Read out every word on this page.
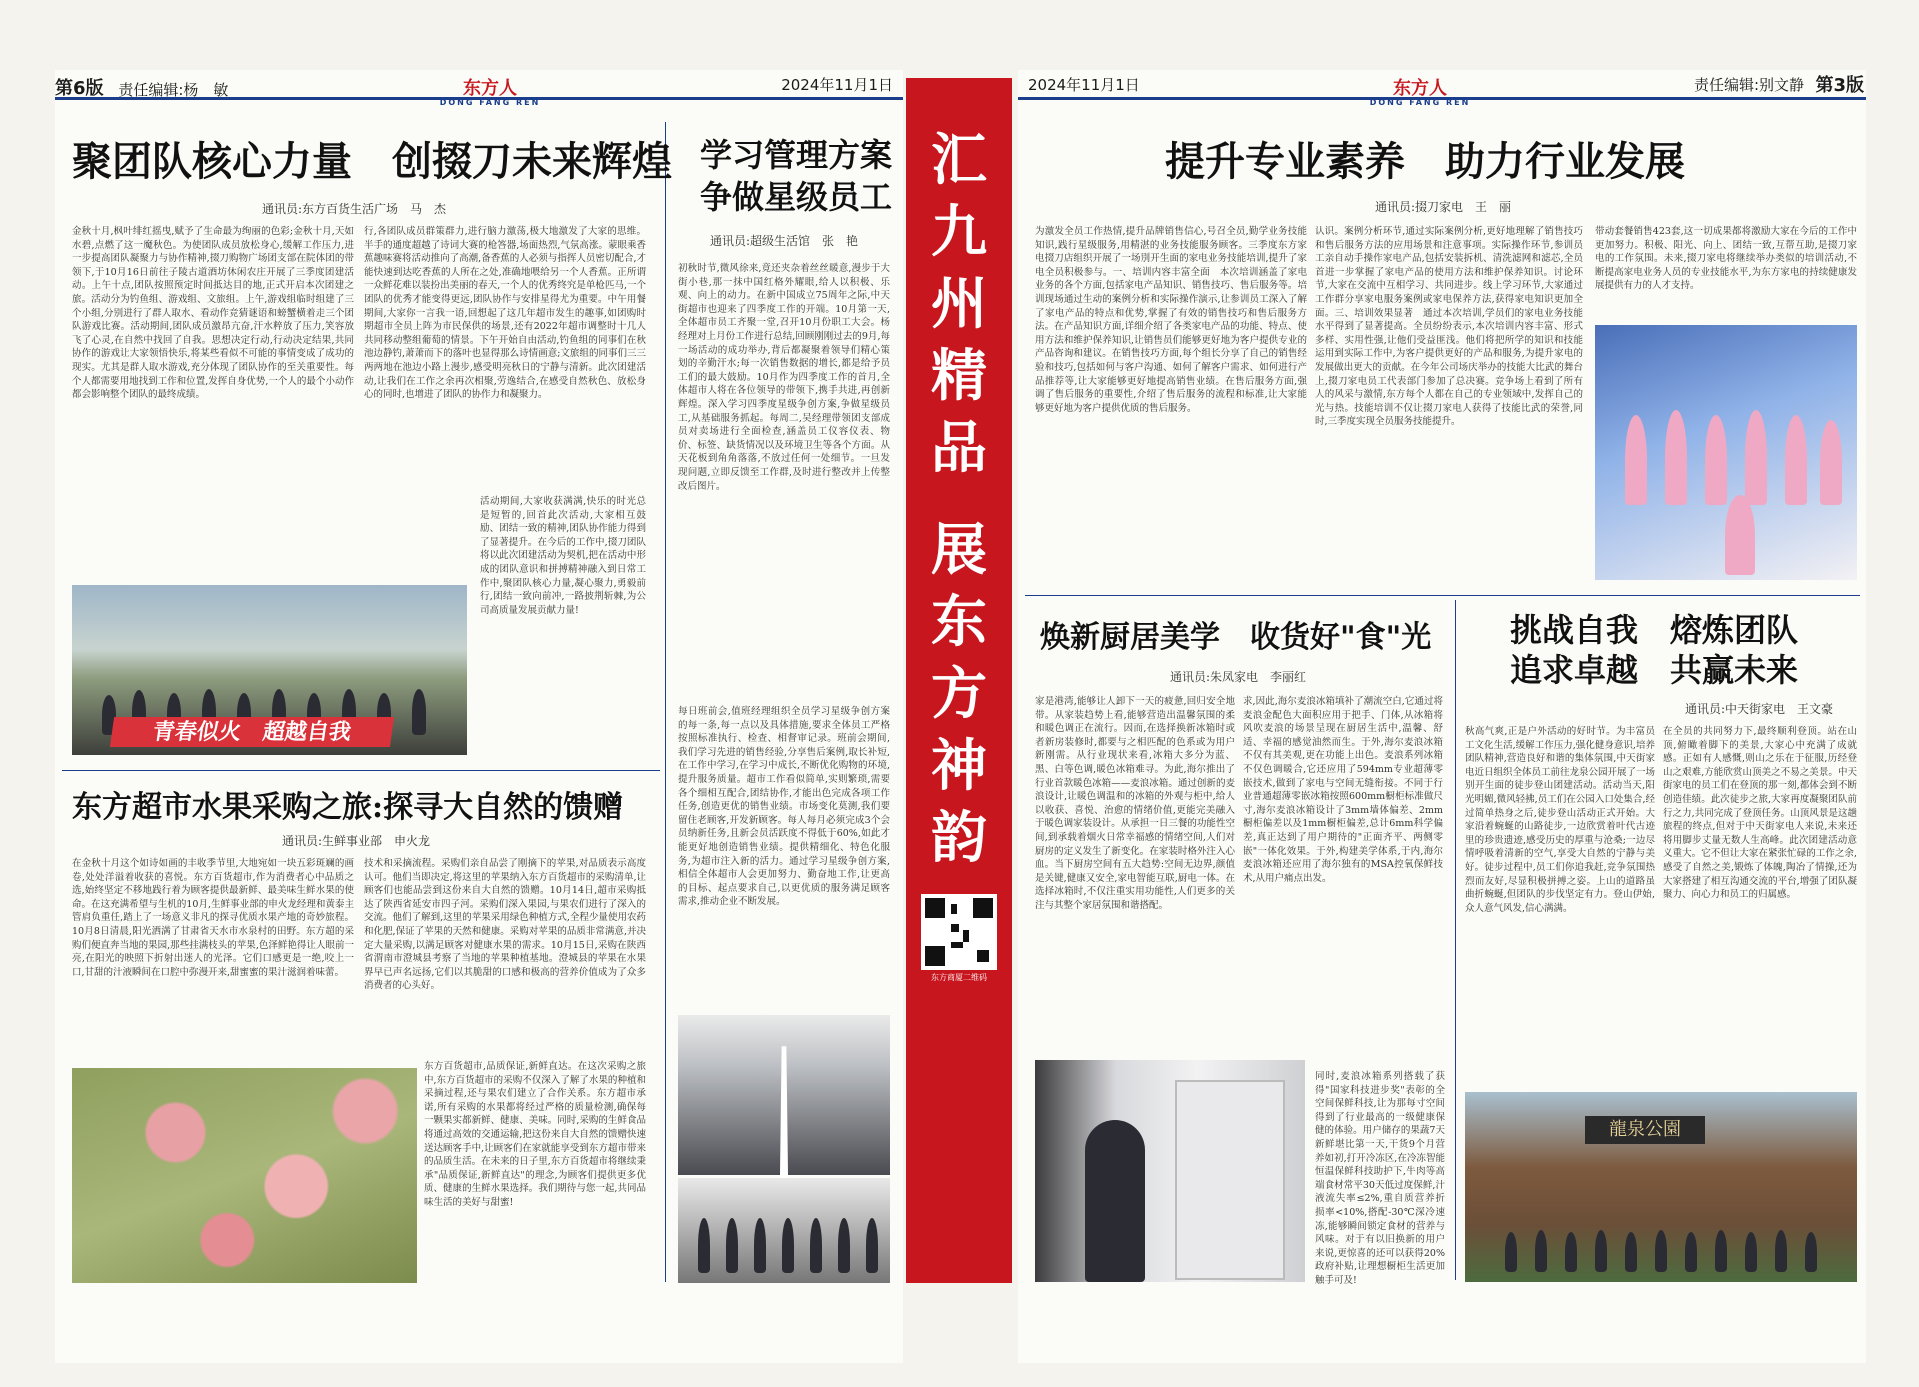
第6版 责任编辑:杨　敏	2024年11月1日
东方人
DONG FANG REN
2024年11月1日	责任编辑:别文静 第3版
东方人
DONG FANG REN
汇九州精品
展东方神韵
东方商厦二维码
聚团队核心力量　创掇刀未来辉煌
通讯员:东方百货生活广场　马　杰
金秋十月,枫叶绯红摇曳,赋予了生命最为绚丽的色彩;金秋十月,天如水碧,点燃了这一魔秋色。为使团队成员放松身心,缓解工作压力,进一步提高团队凝聚力与协作精神,掇刀购物广场团支部在院体团的带领下,于10月16日前往子陵古道酒坊休闲农庄开展了三季度团建活动。上午十点,团队按照预定时间抵达目的地,正式开启本次团建之旅。活动分为钓鱼组、游戏组、文旅组。上午,游戏组临时组建了三个小组,分别进行了群人取水、看动作竞猜谜语和螃蟹横着走三个团队游戏比赛。活动期间,团队成员激昂亢奋,汗水粹放了压力,笑容放飞了心灵,在自然中找回了自我。思想决定行动,行动决定结果,共同协作的游戏让大家领悟快乐,将某些看似不可能的事情变成了成功的现实。尤其是群人取水游戏,充分体现了团队协作的至关重要性。每个人都需要用地找到工作和位置,发挥自身优势,一个人的最个小动作都会影响整个团队的最终成绩。
行,各团队成员群策群力,进行脑力激荡,极大地激发了大家的思维。半手的通度超越了诗词大赛的枪答器,场面热烈,气氛高涨。蒙眼乘香蕉趣味赛将活动推向了高潮,备香蕉的人必须与指挥人员密切配合,才能快速到达吃香蕉的人所在之处,准确地喂给另一个人香蕉。正所谓一众鲜花难以装扮出美丽的春天,一个人的优秀终究是单枪匹马,一个团队的优秀才能变得更远,团队协作与安排星得尤为重要。中午用餐期间,大家你一言我一语,回想起了这几年超市发生的趣事,如团购时期超市全员上阵为市民保供的场景,还有2022年超市调整时十几人共同移动整组葡萄的情景。下午开始自由活动,钓鱼组的同事们在秋池边静钓,萧萧而下的落叶也显得那么诗情画意;文旅组的同事们三三两两地在池边小路上漫步,感受明亮秋日的宁静与清新。此次团建活动,让我们在工作之余再次相聚,劳逸结合,在感受自然秋色、放松身心的同时,也增进了团队的协作力和凝聚力。
活动期间,大家收获满满,快乐的时光总是短暂的,回首此次活动,大家相互鼓励、团结一致的精神,团队协作能力得到了显著提升。在今后的工作中,掇刀团队将以此次团建活动为契机,把在活动中形成的团队意识和拼搏精神融入到日常工作中,聚团队核心力量,凝心聚力,勇毅前行,团结一致向前冲,一路披荆斩棘,为公司高质量发展贡献力量!
青春似火　超越自我
东方超市水果采购之旅:探寻大自然的馈赠
通讯员:生鲜事业部　申火龙
在金秋十月这个如诗如画的丰收季节里,大地宛如一块五彩斑斓的画卷,处处洋溢着收获的喜悦。东方百货超市,作为消费者心中品质之选,始终坚定不移地践行着为顾客提供最新鲜、最美味生鲜水果的使命。在这充满希望与生机的10月,生鲜事业部的申火龙经理和黄泰主管肩负重任,踏上了一场意义非凡的探寻优质水果产地的奇妙旅程。10月8日清晨,阳光洒满了甘肃省天水市水泉村的田野。东方超的采购们便直奔当地的果园,那些挂满枝头的苹果,色泽鲜艳得让人眼前一亮,在阳光的映照下折射出迷人的光泽。它们口感更是一绝,咬上一口,甘甜的汁液瞬间在口腔中弥漫开来,甜蜜蜜的果汁滋润着味蕾。
技术和采摘流程。采购们亲自品尝了刚摘下的苹果,对品质表示高度认可。他们当即决定,将这里的苹果纳入东方百货超市的采购清单,让顾客们也能品尝到这份来自大自然的馈赠。10月14日,超市采购抵达了陕西省延安市四子河。采购们深入果园,与果农们进行了深入的交流。他们了解到,这里的苹果采用绿色种植方式,全程少量使用农药和化肥,保证了苹果的天然和健康。采购对苹果的品质非常满意,并决定大量采购,以满足顾客对健康水果的需求。10月15日,采购在陕西省渭南市澄城县考察了当地的苹果种植基地。澄城县的苹果在水果界早已声名远扬,它们以其脆甜的口感和极高的营养价值成为了众多消费者的心头好。
东方百货超市,品质保证,新鲜直达。在这次采购之旅中,东方百货超市的采购不仅深入了解了水果的种植和采摘过程,还与果农们建立了合作关系。东方超市承诺,所有采购的水果都将经过严格的质量检测,确保每一颗果实都新鲜、健康、美味。同时,采购的生鲜食品将通过高效的交通运输,把这份来自大自然的馈赠快速送达顾客手中,让顾客们在家就能享受到东方超市带来的品质生活。在未来的日子里,东方百货超市将继续秉承"品质保证,新鲜直达"的理念,为顾客们提供更多优质、健康的生鲜水果选择。我们期待与您一起,共同品味生活的美好与甜蜜!
学习管理方案
争做星级员工
通讯员:超级生活馆　张　艳
初秋时节,微风徐来,竟还夹杂着丝丝暖意,漫步于大街小巷,那一抹中国红格外耀眼,给人以积极、乐观、向上的动力。在新中国成立75周年之际,中天街超市也迎来了四季度工作的开端。10月第一天,全体超市员工齐聚一堂,召开10月份职工大会。杨经理对上月份工作进行总结,回顾刚刚过去的9月,每一场活动的成功举办,背后都凝聚着领导们精心策划的辛勤汗水;每一次销售数据的增长,都是给予员工们的最大鼓励。10月作为四季度工作的首月,全体超市人将在各位领导的带领下,携手共进,再创新辉煌。深入学习四季度星级争创方案,争做星级员工,从基础服务抓起。每周二,吴经理带领团支部成员对卖场进行全面检查,涵盖员工仪容仪表、物价、标签、缺货情况以及环境卫生等各个方面。从天花板到角角落落,不放过任何一处细节。一旦发现问题,立即反馈至工作群,及时进行整改并上传整改后图片。
每日班前会,值班经理组织全员学习星级争创方案的每一条,每一点以及具体措施,要求全体员工严格按照标准执行、检查、相督审记录。班前会期间,我们学习先进的销售经验,分享售后案例,取长补短,在工作中学习,在学习中成长,不断优化购物的环境,提升服务质量。超市工作看似简单,实则繁琐,需要各个细相互配合,团结协作,才能出色完成各项工作任务,创造更优的销售业绩。市场变化莫测,我们要留住老顾客,开发新顾客。每人每月必须完成3个会员纳新任务,且新会员活跃度不得低于60%,如此才能更好地创造销售业绩。提供精细化、特色化服务,为超市注入新的活力。通过学习星级争创方案,相信全体超市人会更加努力、勤奋地工作,让更高的目标、起点要求自己,以更优质的服务满足顾客需求,推动企业不断发展。
提升专业素养　助力行业发展
通讯员:掇刀家电　王　丽
为激发全员工作热情,提升品牌销售信心,号召全员,勤学业务技能知识,践行星级服务,用精湛的业务技能服务顾客。三季度东方家电掇刀店组织开展了一场別开生面的家电业务技能培训,提升了家电全员积极参与。一、培训内容丰富全面　本次培训涵盖了家电业务的各个方面,包括家电产品知识、销售技巧、售后服务等。培训现场通过生动的案例分析和实际操作演示,让参训员工深入了解了家电产品的特点和优势,掌握了有效的销售技巧和售后服务方法。在产品知识方面,详细介绍了各类家电产品的功能、特点、使用方法和维护保养知识,让销售员们能够更好地为客户提供专业的产品咨询和建议。在销售技巧方面,每个组长分享了自己的销售经验和技巧,包括如何与客户沟通、如何了解客户需求、如何进行产品推荐等,让大家能够更好地提高销售业绩。在售后服务方面,强调了售后服务的重要性,介绍了售后服务的流程和标准,让大家能够更好地为客户提供优质的售后服务。
认识。案例分析环节,通过实际案例分析,更好地理解了销售技巧和售后服务方法的应用场景和注意事项。实际操作环节,参训员工亲自动手操作家电产品,包括安装拆机、清洗滤网和滤芯,全员首进一步掌握了家电产品的使用方法和维护保养知识。讨论环节,大家在交流中互相学习、共同进步。线上学习环节,大家通过工作群分享家电服务案例或家电保养方法,获得家电知识更加全面。三、培训效果显著　通过本次培训,学员们的家电业务技能水平得到了显著提高。全员纷纷表示,本次培训内容丰富、形式多样、实用性强,让他们受益匪浅。他们将把所学的知识和技能运用到实际工作中,为客户提供更好的产品和服务,为提升家电的发展做出更大的贡献。在今年公司场庆举办的技能大比武的舞台上,掇刀家电员工代表部门参加了总决赛。竞争场上看到了所有人的风采与激情,东方每个人都在自己的专业领域中,发挥自己的光与热。技能培训不仅让掇刀家电人获得了技能比武的荣誉,同时,三季度实现全员服务技能提升。
带动套餐销售423套,这一切成果都将激励大家在今后的工作中更加努力。积极、阳光、向上、团结一致,互帮互助,是掇刀家电的工作氛围。未来,掇刀家电将继续举办类似的培训活动,不断提高家电业务人员的专业技能水平,为东方家电的持续健康发展提供有力的人才支持。
焕新厨居美学　收货好"食"光
通讯员:朱凤家电　李丽红
家是港湾,能够让人卸下一天的疲惫,回归安全地带。从家装趋势上看,能够营造出温馨氛围的柔和暖色调正在流行。因而,在选择换新冰箱时或者新房装修时,都要与之相匹配的色系或为用户新刚需。从行业现状来看,冰箱大多分为蓝、黑、白等色调,暖色冰箱难寻。为此,海尔推出了行业首款暖色冰箱——麦浪冰箱。通过创新的麦浪设计,让暖色调温和的冰箱的外观与柜中,给人以收获、喜悦、治愈的情绪价值,更能完美融入于暖色调家装设计。从承担一日三餐的功能性空间,到承载着烟火日常幸福感的情绪空间,人们对厨房的定义发生了新变化。在家装时格外注入心血。当下厨房空间有五大趋势:空间无边界,颜值是关键,健康又安全,家电智能互联,厨电一体。在选择冰箱时,不仅注重实用功能性,人们更多的关注与其整个家居氛围和谐搭配。
求,因此,海尔麦浪冰箱填补了潮流空白,它通过将麦浪金配色大面积应用于把手、门体,从冰箱将风吹麦浪的场景呈现在厨居生活中,温馨、舒适、幸福的感觉油然而生。于外,海尔麦浪冰箱不仅有其美观,更在功能上出色。麦浪系列冰箱不仅色调暖合,它还应用了594mm专业超薄零嵌技术,做到了家电与空间无缝衔接。不同于行业普通超薄零嵌冰箱按照600mm橱柜标准做尺寸,海尔麦浪冰箱设计了3mm墙体偏差、2mm橱柜偏差以及1mm橱柜偏差,总计6mm科学偏差,真正达到了用户期待的"正面齐平、两侧零嵌"一体化效果。于外,构建美学体系,于内,海尔麦浪冰箱还应用了海尔独有的MSA控氧保鲜技术,从用户痛点出发。
同时,麦浪冰箱系列搭载了获得"国家科技进步奖"表彰的全空间保鲜科技,让为那每寸空间得到了行业最高的一级健康保健的体验。用户储存的果蔬7天新鲜堪比第一天,干货9个月营养如初,打开冷冻区,在冷冻智能恒温保鲜科技助护下,牛肉等高端食材常平30天低过度保鲜,汁液流失率≤2%,重自质营养折损率<10%,搭配-30℃深冷速冻,能够瞬间锁定食材的营养与风味。对于有以旧换新的用户来说,更惊喜的还可以获得20%政府补贴,让理想橱柜生活更加触手可及!
挑战自我　熔炼团队
追求卓越　共赢未来
通讯员:中天街家电　王文豪
秋高气爽,正是户外活动的好时节。为丰富员工文化生活,缓解工作压力,强化健身意识,培养团队精神,营造良好和谐的集体氛围,中天街家电近日组织全体员工前往龙泉公园开展了一场别开生面的徒步登山团建活动。活动当天,阳光明媚,微风轻拂,员工们在公园入口处集合,经过简单热身之后,徒步登山活动正式开始。大家沿着蜿蜒的山路徒步,一边欣赏着叶代古迹里的珍贵遗迹,感受历史的厚重与沧桑;一边尽情呼吸着清新的空气,享受大自然的宁静与美好。徒步过程中,员工们你追我赶,竞争氛围热烈而友好,尽显积极拼搏之姿。上山的道路虽曲折蜿蜒,但团队的步伐坚定有力。登山伊始,众人意气风发,信心满满。
在全员的共同努力下,最终顺利登顶。站在山顶,俯瞰着脚下的美景,大家心中充满了成就感。正如有人感慨,则山之乐在于征服,历经登山之艰难,方能欣赏山顶美之不易之美景。中天街家电的员工们在登顶的那一刻,都体会到不断创造佳绩。此次徒步之旅,大家再度凝聚团队前行之力,共同完成了登顶任务。山顶风景是这趟旅程的终点,但对于中天街家电人来说,未来还将用脚步丈量无数人生高峰。此次团建活动意义重大。它不但让大家在紧张忙碌的工作之余,感受了自然之美,锻炼了体魄,陶冶了情操,还为大家搭建了相互沟通交流的平台,增强了团队凝聚力、向心力和员工的归属感。
龍泉公園
